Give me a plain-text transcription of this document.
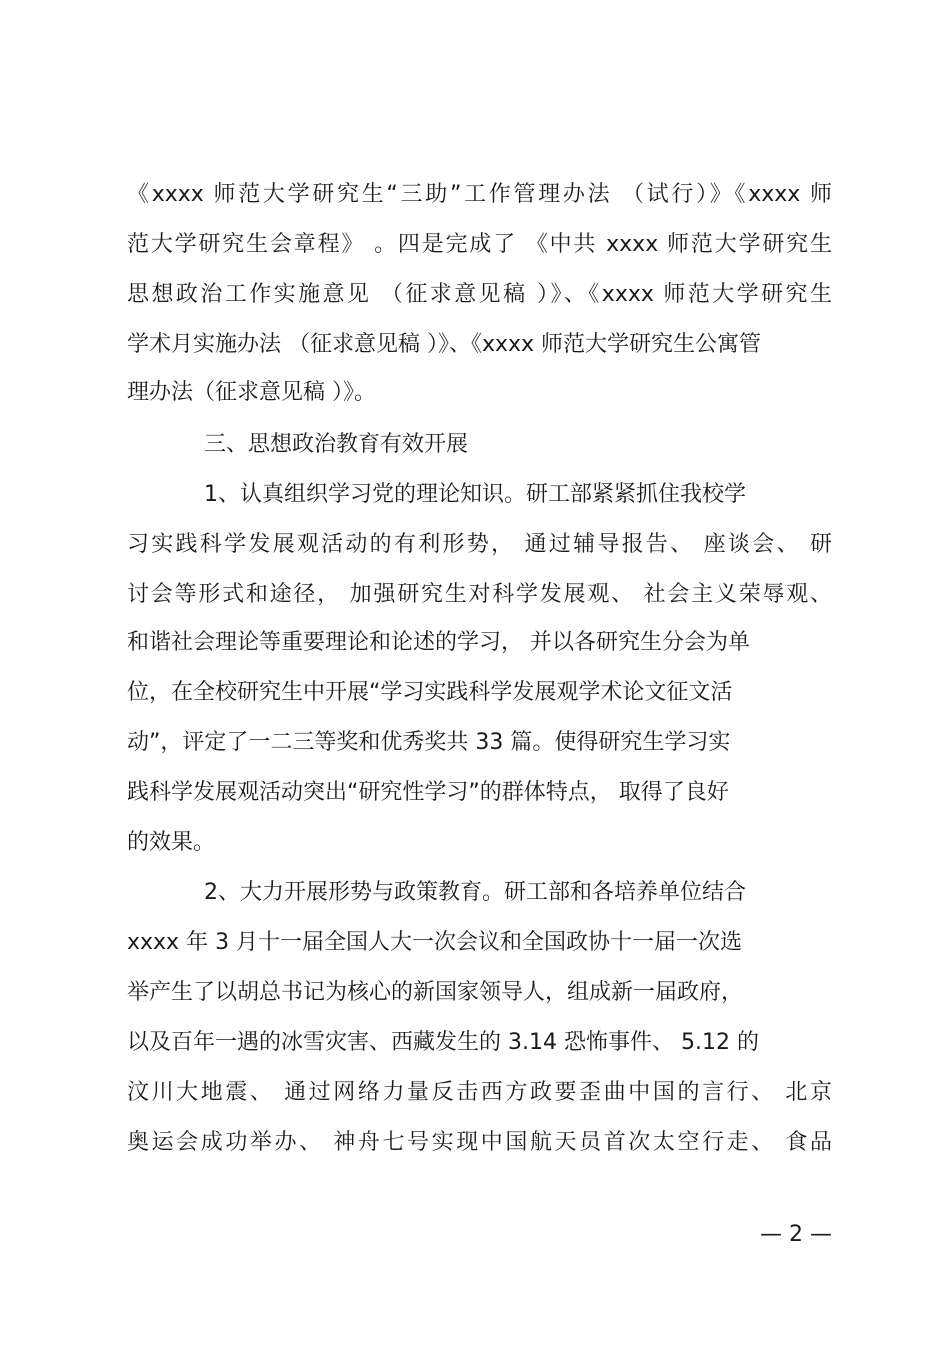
《xxxx 师范大学研究生“三助”工作管理办法 （试行）》《xxxx 师
范大学研究生会章程》 。四是完成了 《中共 xxxx 师范大学研究生
思想政治工作实施意见 （征求意见稿 ）》、《xxxx 师范大学研究生
学术月实施办法 （征求意见稿 ）》、《xxxx 师范大学研究生公寓管
理办法（征求意见稿 ）》。
三、思想政治教育有效开展
1、认真组织学习党的理论知识。研工部紧紧抓住我校学
习实践科学发展观活动的有利形势， 通过辅导报告、 座谈会、 研
讨会等形式和途径， 加强研究生对科学发展观、 社会主义荣辱观、
和谐社会理论等重要理论和论述的学习， 并以各研究生分会为单
位，在全校研究生中开展“学习实践科学发展观学术论文征文活
动”，评定了一二三等奖和优秀奖共 33 篇。使得研究生学习实
践科学发展观活动突出“研究性学习”的群体特点， 取得了良好
的效果。
2、大力开展形势与政策教育。研工部和各培养单位结合
xxxx 年 3 月十一届全国人大一次会议和全国政协十一届一次选
举产生了以胡总书记为核心的新国家领导人，组成新一届政府，
以及百年一遇的冰雪灾害、西藏发生的 3.14 恐怖事件、 5.12 的
汶川大地震、 通过网络力量反击西方政要歪曲中国的言行、 北京
奥运会成功举办、 神舟七号实现中国航天员首次太空行走、 食品
— 2 —
